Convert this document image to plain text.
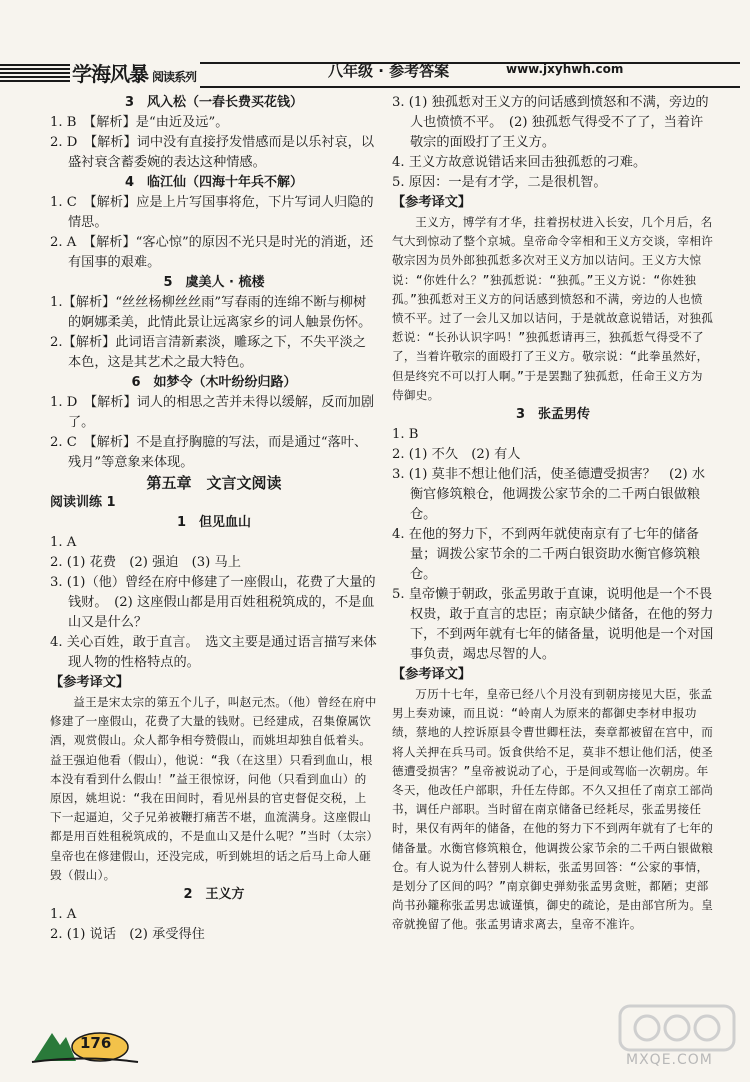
学海风暴 阅读系列	八年级 · 参考答案	www.jxyhwh.com

3　风入松（一春长费买花钱）

1. B　【解析】是“由近及远”。

2. D　【解析】词中没有直接抒发惜感而是以乐衬哀，以盛衬衰含蓄委婉的表达这种情感。

4　临江仙（四海十年兵不解）

1. C　【解析】应是上片写国事将危，下片写词人归隐的情思。

2. A　【解析】“客心惊”的原因不光只是时光的消逝，还有国事的艰难。

5　虞美人 · 梳楼

1.【解析】“丝丝杨柳丝丝雨”写春雨的连绵不断与柳树的婀娜柔美，此情此景让远离家乡的词人触景伤怀。

2.【解析】此词语言清新素淡，雕琢之下，不失平淡之本色，这是其艺术之最大特色。

6　如梦令（木叶纷纷归路）

1. D　【解析】词人的相思之苦并未得以缓解，反而加剧了。

2. C　【解析】不是直抒胸臆的写法，而是通过“落叶、残月”等意象来体现。

第五章　文言文阅读

阅读训练 1

1　但见血山

1. A

2. (1) 花费　(2) 强迫　(3) 马上

3. (1)（他）曾经在府中修建了一座假山，花费了大量的钱财。　(2) 这座假山都是用百姓租税筑成的，不是血山又是什么？

4. 关心百姓，敢于直言。　选文主要是通过语言描写来体现人物的性格特点的。

【参考译文】

益王是宋太宗的第五个儿子，叫赵元杰。（他）曾经在府中修建了一座假山，花费了大量的钱财。已经建成，召集僚属饮酒，观赏假山。众人都争相夸赞假山，而姚坦却独自低着头。益王强迫他看（假山），他说：“我（在这里）只看到血山，根本没有看到什么假山！”益王很惊讶，问他（只看到血山）的原因，姚坦说：“我在田间时，看见州县的官吏督促交税，上下一起逼迫，父子兄弟被鞭打痛苦不堪，血流满身。这座假山都是用百姓租税筑成的，不是血山又是什么呢？”当时（太宗）皇帝也在修建假山，还没完成，听到姚坦的话之后马上命人砸毁（假山）。

2　王义方

1. A

2. (1) 说话　(2) 承受得住

3. (1) 独孤悊对王义方的问话感到愤怒和不满，旁边的人也愤愤不平。　(2) 独孤悊气得受不了了，当着许敬宗的面殴打了王义方。

4. 王义方故意说错话来回击独孤悊的刁难。

5. 原因：一是有才学，二是很机智。

【参考译文】

王义方，博学有才华，拄着拐杖进入长安，几个月后，名气大到惊动了整个京城。皇帝命令宰相和王义方交谈，宰相许敬宗因为员外郎独孤悊多次对王义方加以诘问。王义方大惊说：“你姓什么？”独孤悊说：“独孤。”王义方说：“你姓独孤。”独孤悊对王义方的问话感到愤怒和不满，旁边的人也愤愤不平。过了一会儿又加以诘问，于是就故意说错话，对独孤悊说：“长孙认识字吗！”独孤悊请再三，独孤悊气得受不了了，当着许敬宗的面殴打了王义方。敬宗说：“此拳虽然好，但是终究不可以打人啊。”于是罢黜了独孤悊，任命王义方为侍御史。

3　张孟男传

1. B

2. (1) 不久　(2) 有人

3. (1) 莫非不想让他们活，使圣德遭受损害？　(2) 水衡官修筑粮仓，他调拨公家节余的二千两白银做粮仓。

4. 在他的努力下，不到两年就使南京有了七年的储备量；调拨公家节余的二千两白银资助水衡官修筑粮仓。

5. 皇帝懒于朝政，张孟男敢于直谏，说明他是一个不畏权贵，敢于直言的忠臣；南京缺少储备，在他的努力下，不到两年就有七年的储备量，说明他是一个对国事负责，竭忠尽智的人。

【参考译文】

万历十七年，皇帝已经八个月没有到朝房接见大臣，张孟男上奏劝谏，而且说：“岭南人为原来的都御史李材申报功绩，蔡地的人控诉原县令曹世卿枉法，奏章都被留在宫中，而将人关押在兵马司。饭食供给不足，莫非不想让他们活，使圣德遭受损害？”皇帝被说动了心，于是间或驾临一次朝房。年冬天，他改任户部职，升任左侍郎。不久又担任了南京工部尚书，调任户部职。当时留在南京储备已经耗尽，张孟男接任时，果仅有两年的储备，在他的努力下不到两年就有了七年的储备量。水衡官修筑粮仓，他调拨公家节余的二千两白银做粮仓。有人说为什么替别人耕耘，张孟男回答：“公家的事情，是划分了区间的吗？”南京御史弹劾张孟男贪赃，都陋；吏部尚书孙鑨称张孟男忠诚谨慎，御史的疏论，是由部官所为。皇帝就挽留了他。张孟男请求离去，皇帝不准许。

176
MXQE.COM
